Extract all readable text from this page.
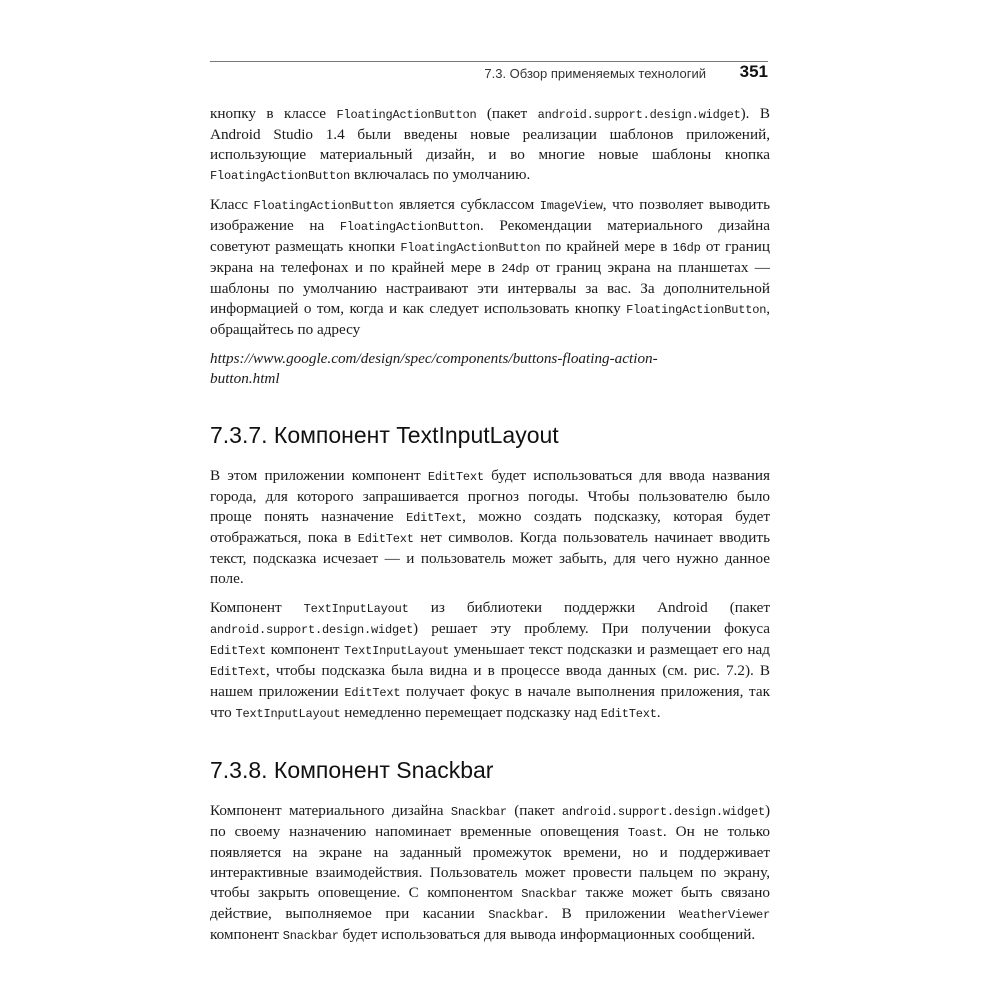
7.3. Обзор применяемых технологий 351

кнопку в классе FloatingActionButton (пакет android.support.design.widget). В Android Studio 1.4 были введены новые реализации шаблонов приложений, использующие материальный дизайн, и во многие новые шаблоны кнопка FloatingActionButton включалась по умолчанию.

Класс FloatingActionButton является субклассом ImageView, что позволяет выводить изображение на FloatingActionButton. Рекомендации материального дизайна советуют размещать кнопки FloatingActionButton по крайней мере в 16dp от границ экрана на телефонах и по крайней мере в 24dp от границ экрана на планшетах — шаблоны по умолчанию настраивают эти интервалы за вас. За дополнительной информацией о том, когда и как следует использовать кнопку FloatingActionButton, обращайтесь по адресу

https://www.google.com/design/spec/components/buttons-floating-action-
button.html

7.3.7. Компонент TextInputLayout

В этом приложении компонент EditText будет использоваться для ввода названия города, для которого запрашивается прогноз погоды. Чтобы пользователю было проще понять назначение EditText, можно создать подсказку, которая будет отображаться, пока в EditText нет символов. Когда пользователь начинает вводить текст, подсказка исчезает — и пользователь может забыть, для чего нужно данное поле.

Компонент TextInputLayout из библиотеки поддержки Android (пакет android.support.design.widget) решает эту проблему. При получении фокуса EditText компонент TextInputLayout уменьшает текст подсказки и размещает его над EditText, чтобы подсказка была видна и в процессе ввода данных (см. рис. 7.2). В нашем приложении EditText получает фокус в начале выполнения приложения, так что TextInputLayout немедленно перемещает подсказку над EditText.

7.3.8. Компонент Snackbar

Компонент материального дизайна Snackbar (пакет android.support.design.widget) по своему назначению напоминает временные оповещения Toast. Он не только появляется на экране на заданный промежуток времени, но и поддерживает интерактивные взаимодействия. Пользователь может провести пальцем по экрану, чтобы закрыть оповещение. С компонентом Snackbar также может быть связано действие, выполняемое при касании Snackbar. В приложении WeatherViewer компонент Snackbar будет использоваться для вывода информационных сообщений.
